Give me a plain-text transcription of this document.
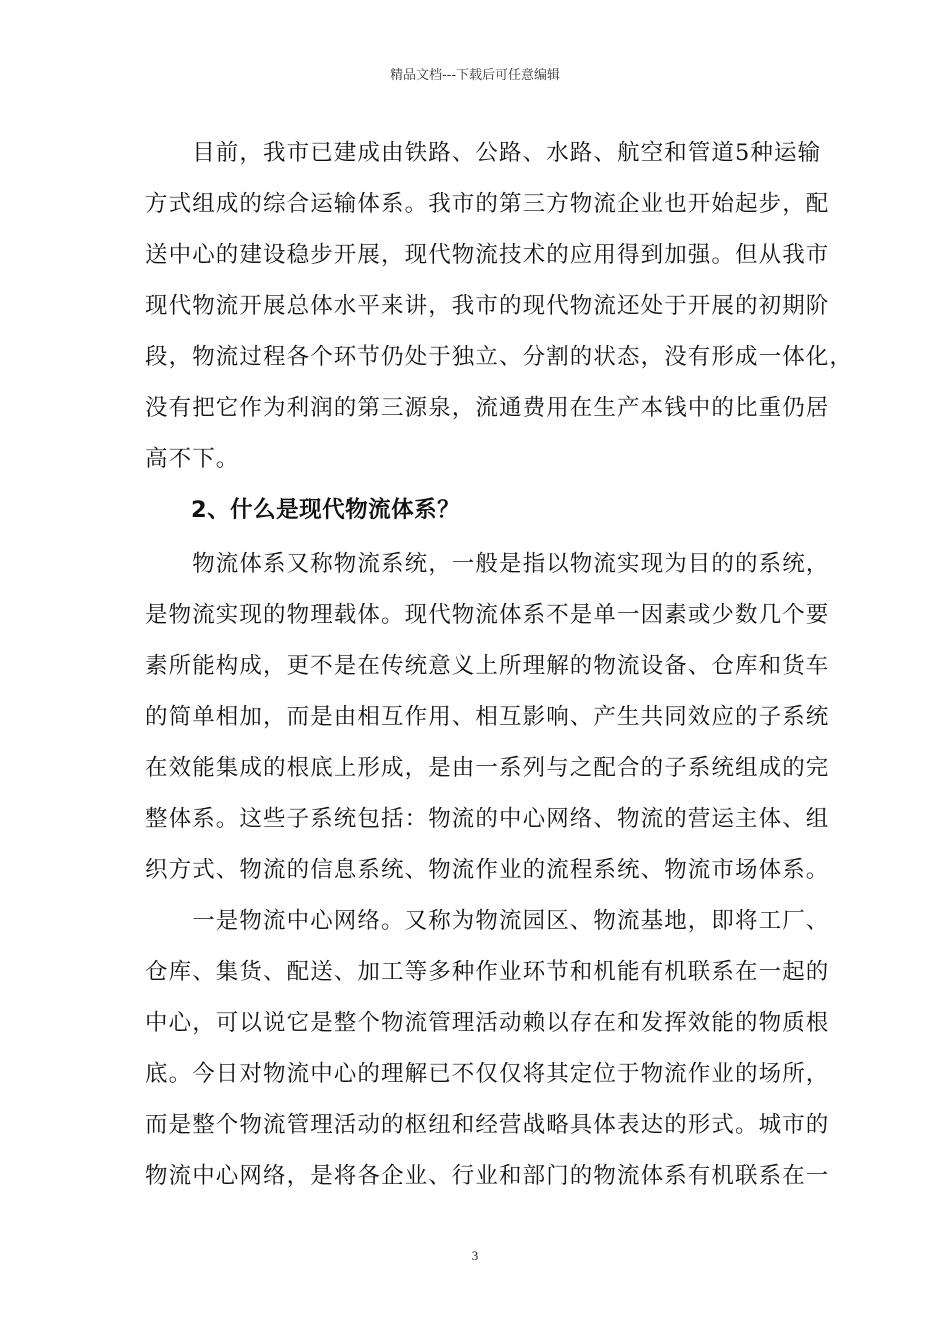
精品文档---下载后可任意编辑
　　目前，我市已建成由铁路、公路、水路、航空和管道5种运输
方式组成的综合运输体系。我市的第三方物流企业也开始起步，配
送中心的建设稳步开展，现代物流技术的应用得到加强。但从我市
现代物流开展总体水平来讲，我市的现代物流还处于开展的初期阶
段，物流过程各个环节仍处于独立、分割的状态，没有形成一体化，
没有把它作为利润的第三源泉，流通费用在生产本钱中的比重仍居
高不下。
　　2、什么是现代物流体系？
　　物流体系又称物流系统，一般是指以物流实现为目的的系统，
是物流实现的物理载体。现代物流体系不是单一因素或少数几个要
素所能构成，更不是在传统意义上所理解的物流设备、仓库和货车
的简单相加，而是由相互作用、相互影响、产生共同效应的子系统
在效能集成的根底上形成，是由一系列与之配合的子系统组成的完
整体系。这些子系统包括：物流的中心网络、物流的营运主体、组
织方式、物流的信息系统、物流作业的流程系统、物流市场体系。
　　一是物流中心网络。又称为物流园区、物流基地，即将工厂、
仓库、集货、配送、加工等多种作业环节和机能有机联系在一起的
中心，可以说它是整个物流管理活动赖以存在和发挥效能的物质根
底。今日对物流中心的理解已不仅仅将其定位于物流作业的场所，
而是整个物流管理活动的枢纽和经营战略具体表达的形式。城市的
物流中心网络，是将各企业、行业和部门的物流体系有机联系在一
3
